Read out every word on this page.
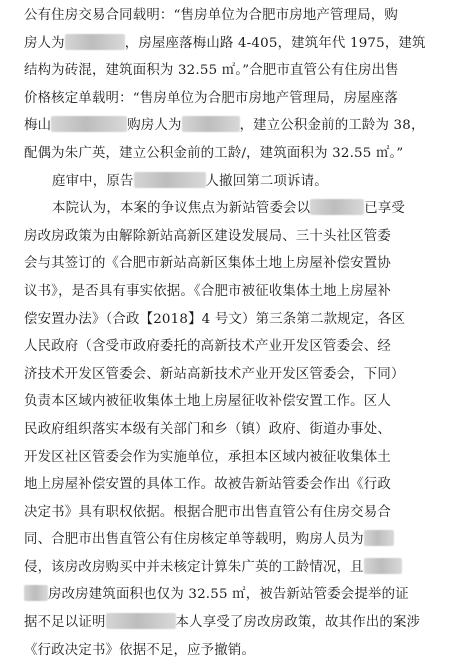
公有住房交易合同载明：“售房单位为合肥市房地产管理局，购
房人为	，房屋座落梅山路 4-405，建筑年代 1975，建筑
结构为砖混，建筑面积为 32.55 ㎡。”合肥市直管公有住房出售
价格核定单载明：“售房单位为合肥市房地产管理局，房屋座落
梅山	购房人为	，建立公积金前的工龄为 38，
配偶为朱广英，建立公积金前的工龄/，建筑面积为 32.55 ㎡。”
庭审中，原告	人撤回第二项诉请。
本院认为，本案的争议焦点为新站管委会以	已享受
房改房政策为由解除新站高新区建设发展局、三十头社区管委
会与其签订的《合肥市新站高新区集体土地上房屋补偿安置协
议书》，是否具有事实依据。《合肥市被征收集体土地上房屋补
偿安置办法》（合政【2018】4 号文）第三条第二款规定，各区
人民政府（含受市政府委托的高新技术产业开发区管委会、经
济技术开发区管委会、新站高新技术产业开发区管委会，下同）
负责本区域内被征收集体土地上房屋征收补偿安置工作。区人
民政府组织落实本级有关部门和乡（镇）政府、街道办事处、
开发区社区管委会作为实施单位，承担本区域内被征收集体土
地上房屋补偿安置的具体工作。故被告新站管委会作出《行政
决定书》具有职权依据。根据合肥市出售直管公有住房交易合
同、合肥市出售直管公有住房核定单等载明，购房人员为
侵，该房改房购买中并未核定计算朱广英的工龄情况，且
房改房建筑面积也仅为 32.55 ㎡，被告新站管委会提举的证
据不足以证明	本人享受了房改房政策，故其作出的案涉
《行政决定书》依据不足，应予撤销。
